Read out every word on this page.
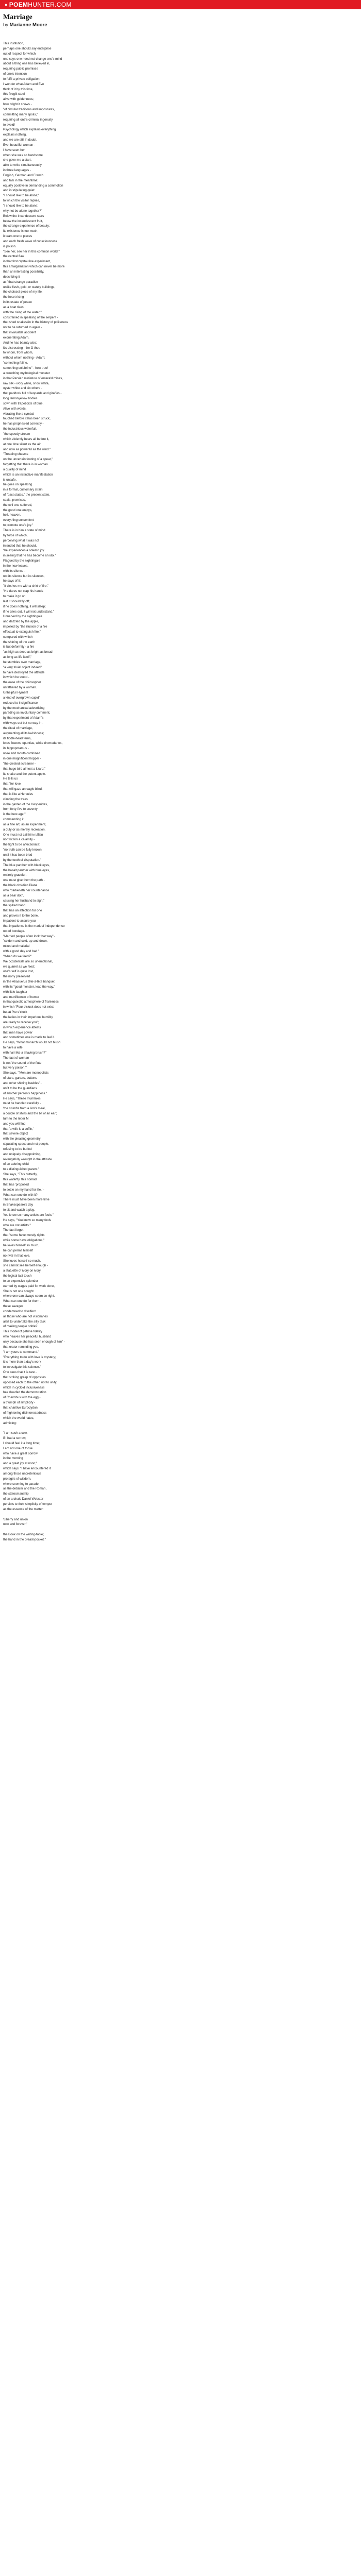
● POEM HUNTER.COM
Marriage
by Marianne Moore
This institution,
perhaps one should say enterprise
out of respect for which
one says one need not change one's mind
about a thing one has believed in,
requiring public promises
of one's intention
to fulfil a private obligation:
I wonder what Adam and Eve
think of it by this time,
this firegilt steel
alive with goldenness;
how bright it shows -
"of circular traditions and impostures,
committing many spoils,"
requiring all one's criminal ingenuity
to avoid!
Psychology which explains everything
explains nothing,
and we are still in doubt.
Eve: beautiful woman -
I have seen her
when she was so handsome
she gave me a start,
able to write simultaneously
in three languages -
English, German and French
and talk in the meantime;
equally positive in demanding a commotion
and in stipulating quiet:
"I should like to be alone;"
to which the visitor replies,
"I should like to be alone;
why not be alone together?"
Below the incandescent stars
below the incandescent fruit,
the strange experience of beauty;
its existence is too much;
it tears one to pieces
and each fresh wave of consciousness
is poison.
"See her, see her in this common world,"
the central flaw
in that first crystal-fine experiment,
this amalgamation which can never be more
than an interesting possibility,
describing it
as "that strange paradise
unlike flesh, gold, or stately buildings,
the choicest piece of my life:
the heart rising
in its estate of peace
as a boat rises
with the rising of the water;"
constrained in speaking of the serpent -
that shed snakeskin in the history of politeness
not to be returned to again -
that invaluable accident
exonerating Adam.
And he has beauty also;
it's distressing - the O thou
to whom, from whom,
without whom nothing - Adam;
"something feline,
something colubrine" - how true!
a crouching mythological monster
in that Persian miniature of emerald mines,
raw silk - ivory white, snow white,
oyster white and six others -
that paddock full of leopards and giraffes -
long lemonyellow bodies
sown with trapezoids of blue.
Alive with words,
vibrating like a cymbal
touched before it has been struck,
he has prophesied correctly -
the industrious waterfall,
"the speedy stream
which violently bears all before it,
at one time silent as the air
and now as powerful as the wind."
"Treading chasms
on the uncertain footing of a spear,"
forgetting that there is in woman
a quality of mind
which is an instinctive manifestation
is unsafe,
he goes on speaking
in a formal, customary strain
of "past states," the present state,
seals, promises,
the evil one suffered,
the good one enjoys,
hell, heaven,
everything convenient
to promote one's joy."
There is in him a state of mind
by force of which,
perceiving what it was not
intended that he should,
"he experiences a solemn joy
in seeing that he has become an idol."
Plagued by the nightingale
in the new leaves,
with its silence -
not its silence but its silences,
he says of it:
"It clothes me with a shirt of fire."
"He dares not clap his hands
to make it go on
lest it should fly off;
if he does nothing, it will sleep;
if he cries out, it will not understand."
Unnerved by the nightingale
and dazzled by the apple,
impelled by "the illusion of a fire
effectual to extinguish fire,"
compared with which
the shining of the earth
is but deformity - a fire
"as high as deep as bright as broad
as long as life itself,"
he stumbles over marriage,
"a very trivial object indeed"
to have destroyed the attitude
in which he stood -
the ease of the philosopher
unfathered by a woman.
Unhelpful Hymen!
a kind of overgrown cupid"
reduced to insignificance
by the mechanical advertising
parading as involuntary comment,
by that experiment of Adam's
with ways out but no way in -
the ritual of marriage,
augmenting all its lavishness;
its fiddle-head ferns,
lotus flowers, opuntias, white dromedaries,
its hippopotamus -
nose and mouth combined
in one magnificent hopper -
"the crested screamer -
that huge bird almost a lizard,"
its snake and the potent apple.
He tells us
that "for love
that will gaze an eagle blind,
that is like a Hercules
climbing the trees
in the garden of the Hesperides,
from forty-five to seventy
is the best age,"
commending it
as a fine art, as an experiment,
a duty or as merely recreation.
One must not call him ruffian
nor friction a calamity -
the fight to be affectionate:
"no truth can be fully known
until it has been tried
by the tooth of disputation."
The blue panther with black eyes,
the basalt panther with blue eyes,
entirely graceful -
one must give them the path -
the black obsidian Diana
who "darkeneth her countenance
as a bear doth,
causing her husband to sigh,"
the spiked hand
that has an affection for one
and proves it to the bone,
impatient to assure you
that impatience is the mark of independence
not of bondage.
"Married people often look that way" -
"seldom and cold, up and down,
mixed and malarial
with a good day and bad."
"When do we feed?"
We occidentals are so unemotional,
we quarrel as we feed;
one's self is quite lost,
the irony preserved
in 'the Ahasuerus tête-à-tête banquet'
with its "good monster, lead the way,"
with little laughter
and munificence of humor
in that quixotic atmosphere of frankness
in which "Four o'clock does not exist
but at five o'clock
the ladies in their imperious humility
are ready to receive you";
in which experience attests
that men have power
and sometimes one is made to feel it.
He says, "What monarch would not blush
to have a wife
with hair like a shaving brush?"
The fact of woman
is not 'the sound of the flute
but very poison.'"
She says, "'Men are monopolists
of stars, garters, buttons
and other shining baubles' -
unfit to be the guardians
of another person's happiness."
He says, "These mummies
must be handled carefully -
'the crumbs from a lion's meal,
a couple of shins and the bit of an ear';
turn to the letter M
and you will find
that 'a wife is a coffin,'
that severe object
with the pleasing geometry
stipulating space and not people,
refusing to be buried
and uniquely disappointing,
revengefully wrought in the attitude
of an adoring child
to a distinguished parent."
She says, "This butterfly,
this waterfly, this nomad
that has 'proposed
to settle on my hand for life.' -
What can one do with it?
There must have been more time
in Shakespeare's day
to sit and watch a play.
You know so many artists are fools."
He says, "You know so many fools
who are not artists."
The fact forgot
that "some have merely rights
while some have obligations,"
he loves himself so much,
he can permit himself
no rival in that love.
She loves herself so much,
she cannot see herself enough -
a statuette of ivory on ivory,
the logical last touch
to an expensive splendor
earned by wages paid for work done,
She is not one sought
where one can always seem so right.
What can one do for them -
these savages
condemned to disaffect
all those who are not visionaries
alert to undertake the silly task
of making people noble?
This model of petrine fidelity
who "leaves her peaceful husband
only because she has seen enough of him" -
that orator reminding you,
"I am yours to command."
"Everything to do with love is mystery;
it is more than a day's work
to investigate this science."
One sees that it is rare -
that striking grasp of opposites
opposed each to the other, not to unity,
which in cycloid inclusiveness
has dwarfed the demonstration
of Columbus with the egg -
a triumph of simplicity -
that charitive Euroclydon
of frightening disinterestedness
which the world hates,
admitting:
"I am such a cow,
if I had a sorrow,
I should feel it a long time;
I am not one of those
who have a great sorrow
in the morning
and a great joy at noon;"
which says: "I have encountered it
among those unpretentious
protegés of wisdom,
where seeming to parade
as the debater and the Roman,
the statesmanship
of an archaic Daniel Webster
persists to their simplicity of temper
as the essence of the matter:
'Liberty and union
now and forever;'
the Book on the writing-table;
the hand in the breast-pocket."
